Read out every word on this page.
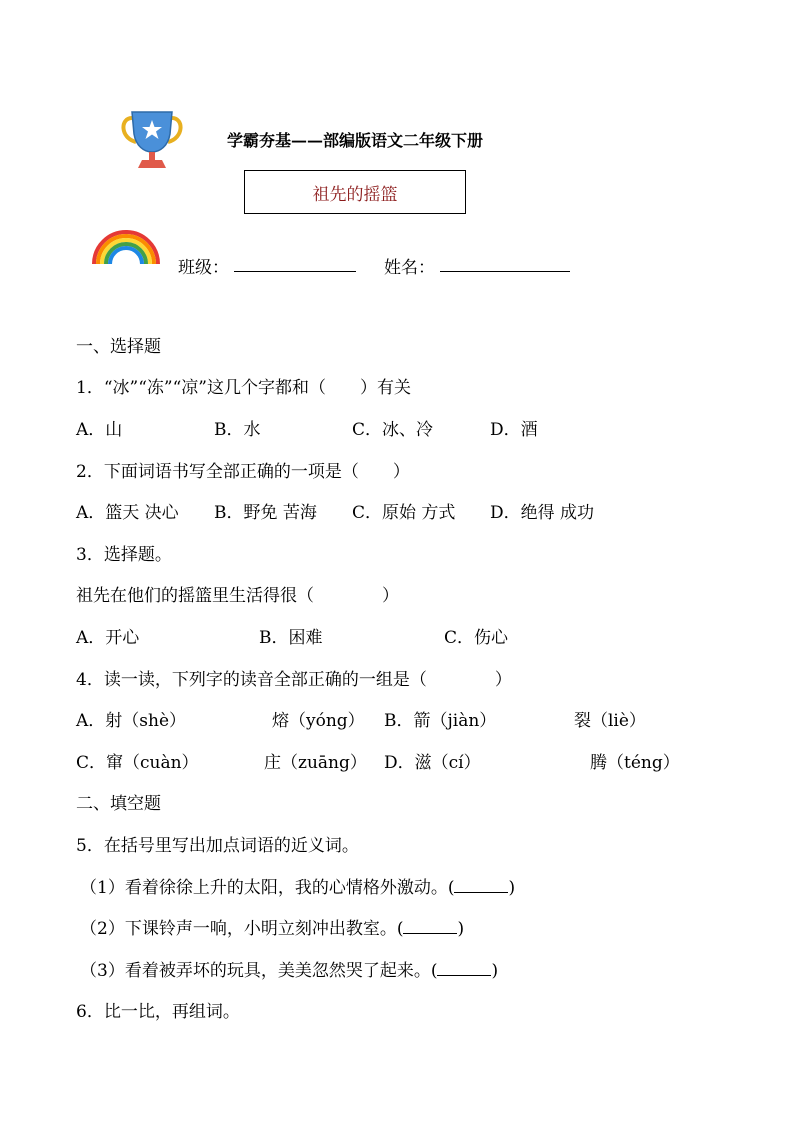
学霸夯基——部编版语文二年级下册
祖先的摇篮
班级：	姓名：
一、选择题
1．“冰”“冻”“凉”这几个字都和（　　）有关
A．山	B．水	C．冰、冷	D．酒
2．下面词语书写全部正确的一项是（　　）
A．篮天 决心 B．野免 苦海 C．原始 方式 D．绝得 成功
3．选择题。
祖先在他们的摇篮里生活得很（　　　　）
A．开心	B．困难	C．伤心
4．读一读，下列字的读音全部正确的一组是（　　　　）
A．射（shè）	熔（yóng） B．箭（jiàn）	裂（liè）
C．窜（cuàn）	庄（zuāng） D．滋（cí）	腾（téng）
二、填空题
5．在括号里写出加点词语的近义词。
（1）看着徐徐上升的太阳，我的心情格外激动。(	)
（2）下课铃声一响，小明立刻冲出教室。(	)
（3）看着被弄坏的玩具，美美忽然哭了起来。(	)
6．比一比，再组词。
